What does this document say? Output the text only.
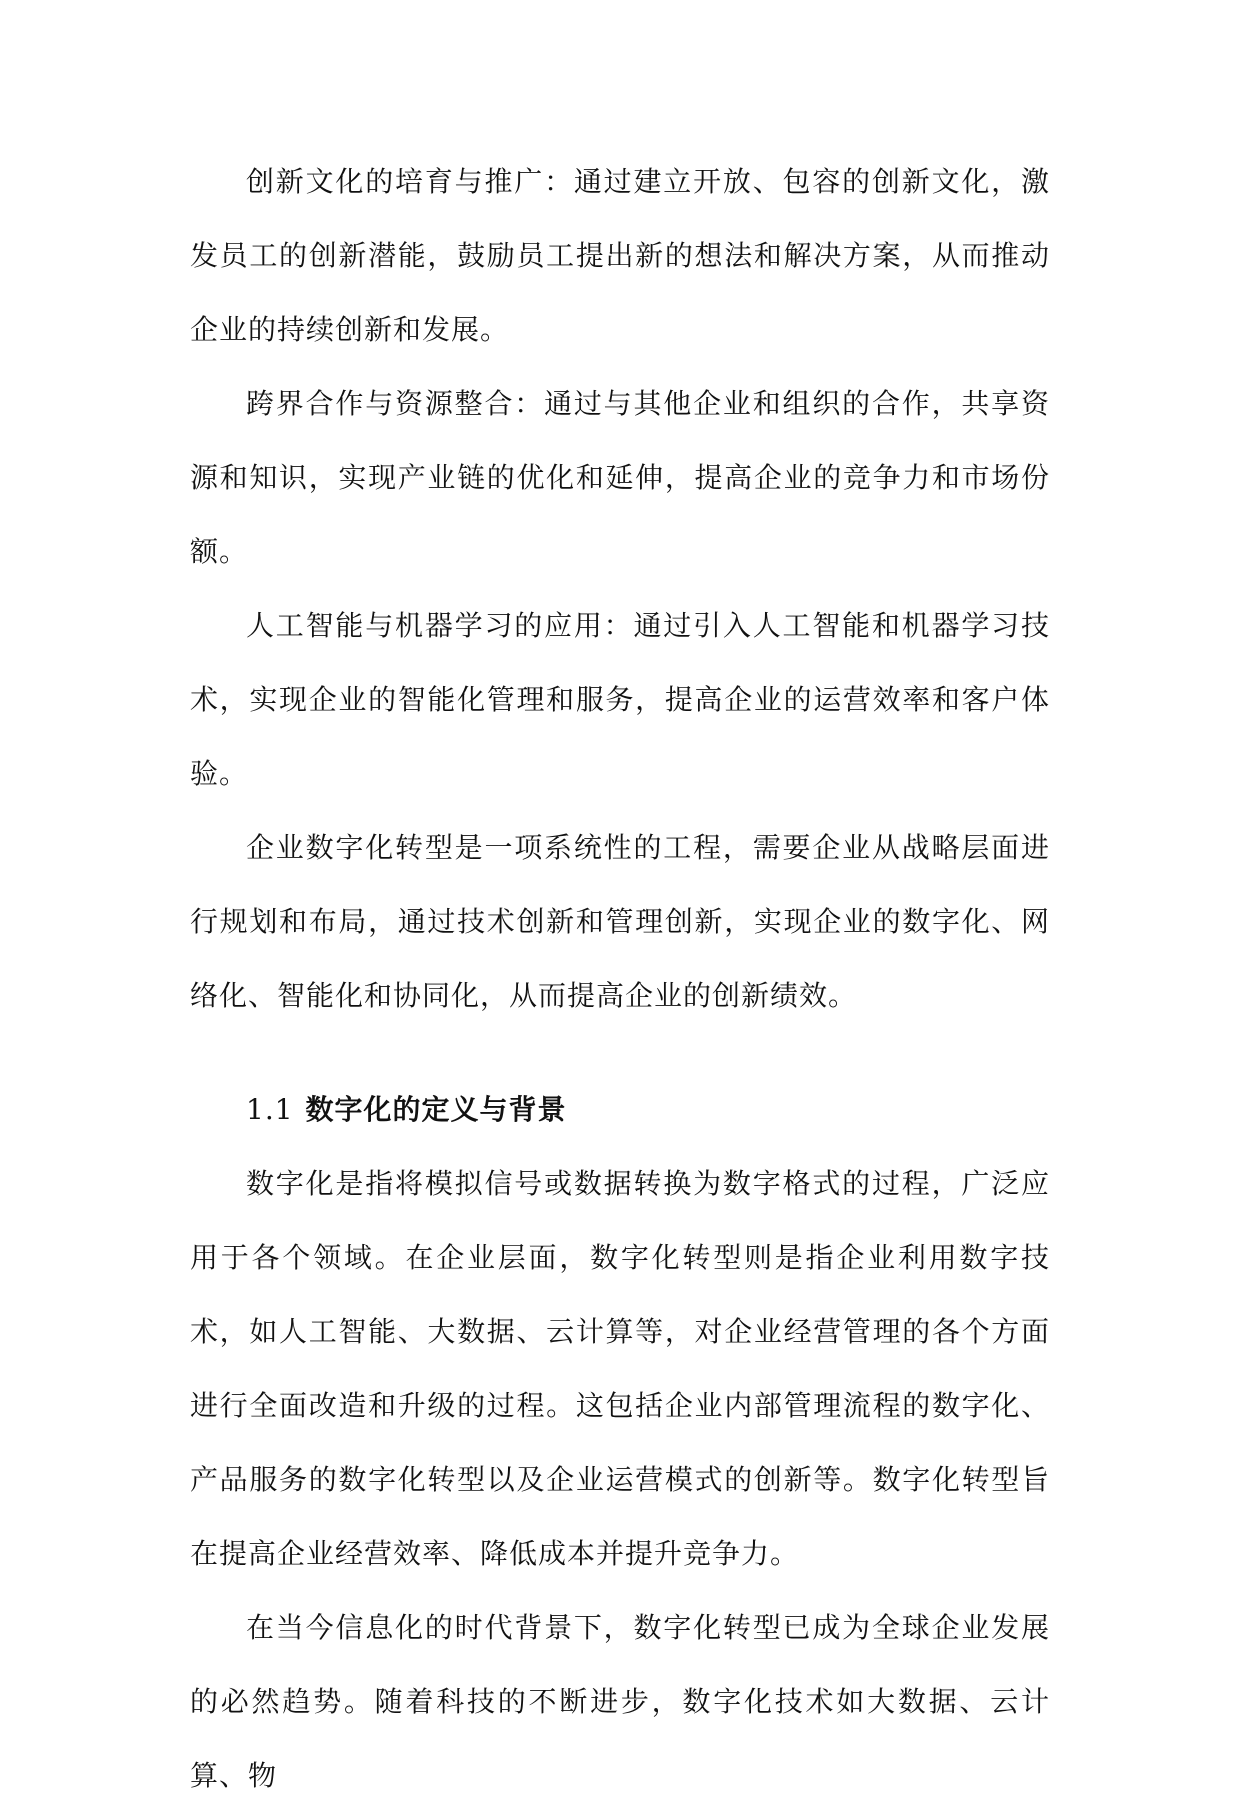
创新文化的培育与推广：通过建立开放、包容的创新文化，激发员工的创新潜能，鼓励员工提出新的想法和解决方案，从而推动企业的持续创新和发展。

跨界合作与资源整合：通过与其他企业和组织的合作，共享资源和知识，实现产业链的优化和延伸，提高企业的竞争力和市场份额。

人工智能与机器学习的应用：通过引入人工智能和机器学习技术，实现企业的智能化管理和服务，提高企业的运营效率和客户体验。

企业数字化转型是一项系统性的工程，需要企业从战略层面进行规划和布局，通过技术创新和管理创新，实现企业的数字化、网络化、智能化和协同化，从而提高企业的创新绩效。

1.1 数字化的定义与背景

数字化是指将模拟信号或数据转换为数字格式的过程，广泛应用于各个领域。在企业层面，数字化转型则是指企业利用数字技术，如人工智能、大数据、云计算等，对企业经营管理的各个方面进行全面改造和升级的过程。这包括企业内部管理流程的数字化、产品服务的数字化转型以及企业运营模式的创新等。数字化转型旨在提高企业经营效率、降低成本并提升竞争力。

在当今信息化的时代背景下，数字化转型已成为全球企业发展的必然趋势。随着科技的不断进步，数字化技术如大数据、云计算、物
